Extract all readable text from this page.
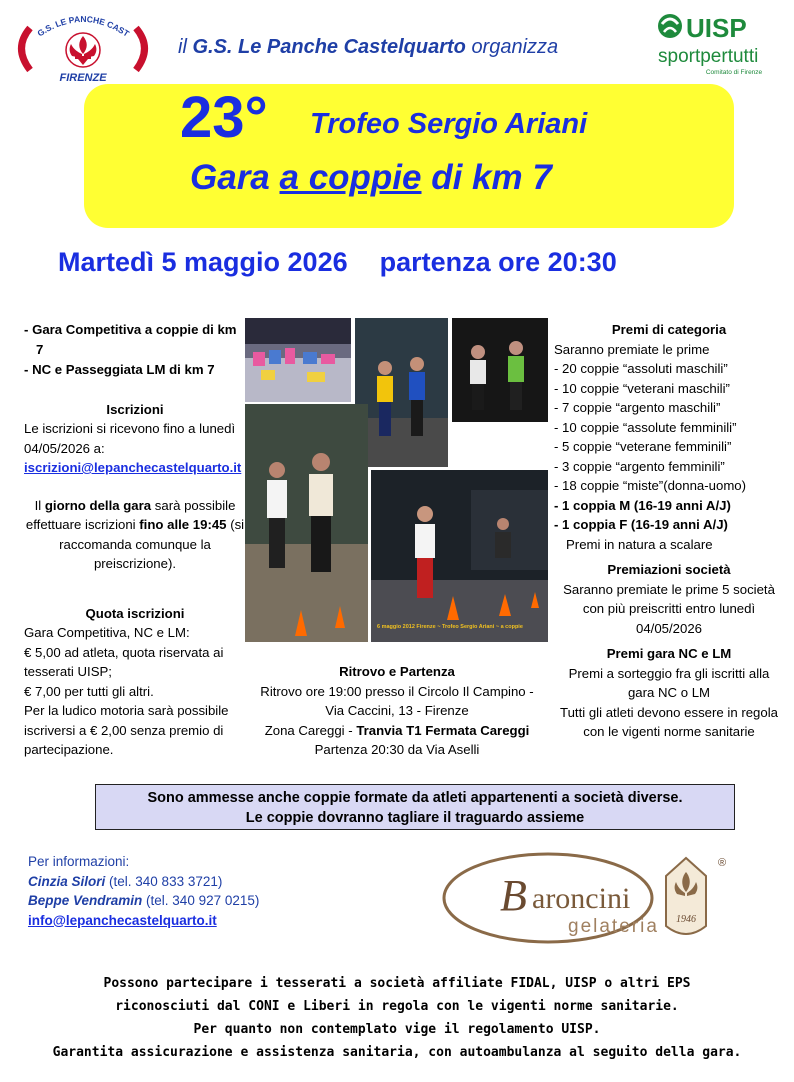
G.S. LE PANCHE CAST
FIRENZE
il G.S. Le Panche Castelquarto organizza
UISP
sportpertutti
Comitato di Firenze
23° Trofeo Sergio Ariani
Gara a coppie di km 7
Martedì 5 maggio 2026 partenza ore 20:30
- Gara Competitiva a coppie di km 7
- NC e Passeggiata LM di km 7
Iscrizioni
Le iscrizioni si ricevono fino a lunedì 04/05/2026 a:
iscrizioni@lepanchecastelquarto.it
Il giorno della gara sarà possibile effettuare iscrizioni fino alle 19:45 (si raccomanda comunque la preiscrizione).
Quota iscrizioni
Gara Competitiva, NC e LM:
€ 5,00 ad atleta, quota riservata ai tesserati UISP;
€ 7,00 per tutti gli altri.
Per la ludico motoria sarà possibile iscriversi a € 2,00 senza premio di partecipazione.
6 maggio 2012 Firenze ~ Trofeo Sergio Ariani ~ a coppie
Ritrovo e Partenza
Ritrovo ore 19:00 presso il Circolo Il Campino - Via Caccini, 13 - Firenze
Zona Careggi - Tranvia T1 Fermata Careggi
Partenza 20:30 da Via Aselli
Premi di categoria
Saranno premiate le prime
- 20 coppie “assoluti maschili”
- 10 coppie “veterani maschili”
- 7 coppie “argento maschili”
- 10 coppie “assolute femminili”
- 5 coppie “veterane femminili”
- 3 coppie “argento femminili”
- 18 coppie “miste”(donna-uomo)
- 1 coppia M (16-19 anni A/J)
- 1 coppia F (16-19 anni A/J)
Premi in natura a scalare
Premiazioni società
Saranno premiate le prime 5 società con più preiscritti entro lunedì 04/05/2026
Premi gara NC e LM
Premi a sorteggio fra gli iscritti alla gara NC o LM
Tutti gli atleti devono essere in regola con le vigenti norme sanitarie
Sono ammesse anche coppie formate da atleti appartenenti a società diverse.
Le coppie dovranno tagliare il traguardo assieme
Per informazioni:
Cinzia Silori (tel. 340 833 3721)
Beppe Vendramin (tel. 340 927 0215)
info@lepanchecastelquarto.it	B aroncini
gelateria 1946
®
Possono partecipare i tesserati a società affiliate FIDAL, UISP o altri EPS
riconosciuti dal CONI e Liberi in regola con le vigenti norme sanitarie.
Per quanto non contemplato vige il regolamento UISP.
Garantita assicurazione e assistenza sanitaria, con autoambulanza al seguito della gara.
